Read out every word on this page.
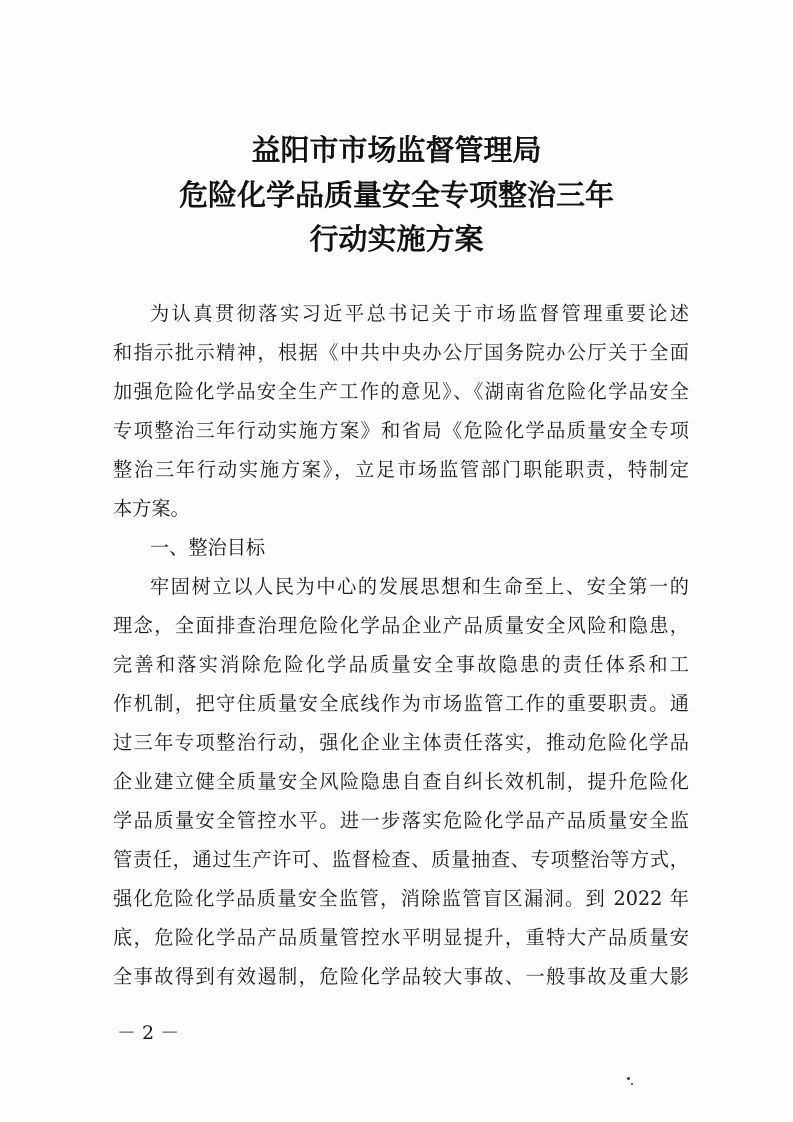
益阳市市场监督管理局
危险化学品质量安全专项整治三年
行动实施方案
为认真贯彻落实习近平总书记关于市场监督管理重要论述
和指示批示精神，根据《中共中央办公厅国务院办公厅关于全面
加强危险化学品安全生产工作的意见》、《湖南省危险化学品安全
专项整治三年行动实施方案》和省局《危险化学品质量安全专项
整治三年行动实施方案》，立足市场监管部门职能职责，特制定
本方案。
一、整治目标
牢固树立以人民为中心的发展思想和生命至上、安全第一的
理念，全面排查治理危险化学品企业产品质量安全风险和隐患，
完善和落实消除危险化学品质量安全事故隐患的责任体系和工
作机制，把守住质量安全底线作为市场监管工作的重要职责。通
过三年专项整治行动，强化企业主体责任落实，推动危险化学品
企业建立健全质量安全风险隐患自查自纠长效机制，提升危险化
学品质量安全管控水平。进一步落实危险化学品产品质量安全监
管责任，通过生产许可、监督检查、质量抽查、专项整治等方式，
强化危险化学品质量安全监管，消除监管盲区漏洞。到 2022 年
底，危险化学品产品质量管控水平明显提升，重特大产品质量安
全事故得到有效遏制，危险化学品较大事故、一般事故及重大影
－ 2 －
